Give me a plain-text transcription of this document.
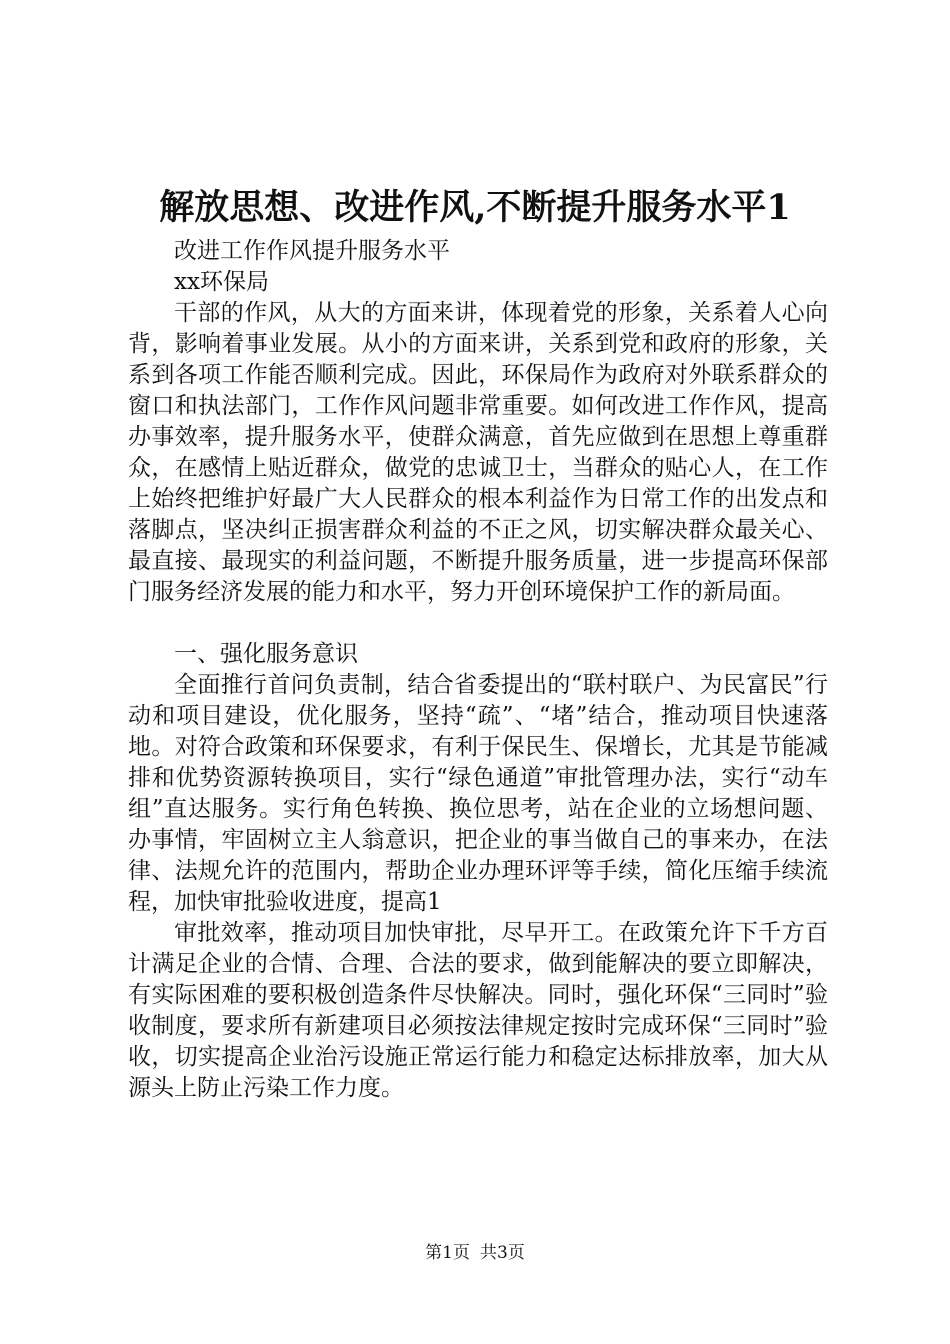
解放思想、改进作风,不断提升服务水平1

改进工作作风提升服务水平

xx环保局

干部的作风，从大的方面来讲，体现着党的形象，关系着人心向背，影响着事业发展。从小的方面来讲，关系到党和政府的形象，关系到各项工作能否顺利完成。因此，环保局作为政府对外联系群众的窗口和执法部门，工作作风问题非常重要。如何改进工作作风，提高办事效率，提升服务水平，使群众满意，首先应做到在思想上尊重群众，在感情上贴近群众，做党的忠诚卫士，当群众的贴心人，在工作上始终把维护好最广大人民群众的根本利益作为日常工作的出发点和落脚点，坚决纠正损害群众利益的不正之风，切实解决群众最关心、最直接、最现实的利益问题，不断提升服务质量，进一步提高环保部门服务经济发展的能力和水平，努力开创环境保护工作的新局面。

一、强化服务意识

全面推行首问负责制，结合省委提出的“联村联户、为民富民”行动和项目建设，优化服务，坚持“疏”、“堵”结合，推动项目快速落地。对符合政策和环保要求，有利于保民生、保增长，尤其是节能减排和优势资源转换项目，实行“绿色通道”审批管理办法，实行“动车组”直达服务。实行角色转换、换位思考，站在企业的立场想问题、办事情，牢固树立主人翁意识，把企业的事当做自己的事来办，在法律、法规允许的范围内，帮助企业办理环评等手续，简化压缩手续流程，加快审批验收进度，提高1

审批效率，推动项目加快审批，尽早开工。在政策允许下千方百计满足企业的合情、合理、合法的要求，做到能解决的要立即解决，有实际困难的要积极创造条件尽快解决。同时，强化环保“三同时”验收制度，要求所有新建项目必须按法律规定按时完成环保“三同时”验收，切实提高企业治污设施正常运行能力和稳定达标排放率，加大从源头上防止污染工作力度。

第1页 共3页
